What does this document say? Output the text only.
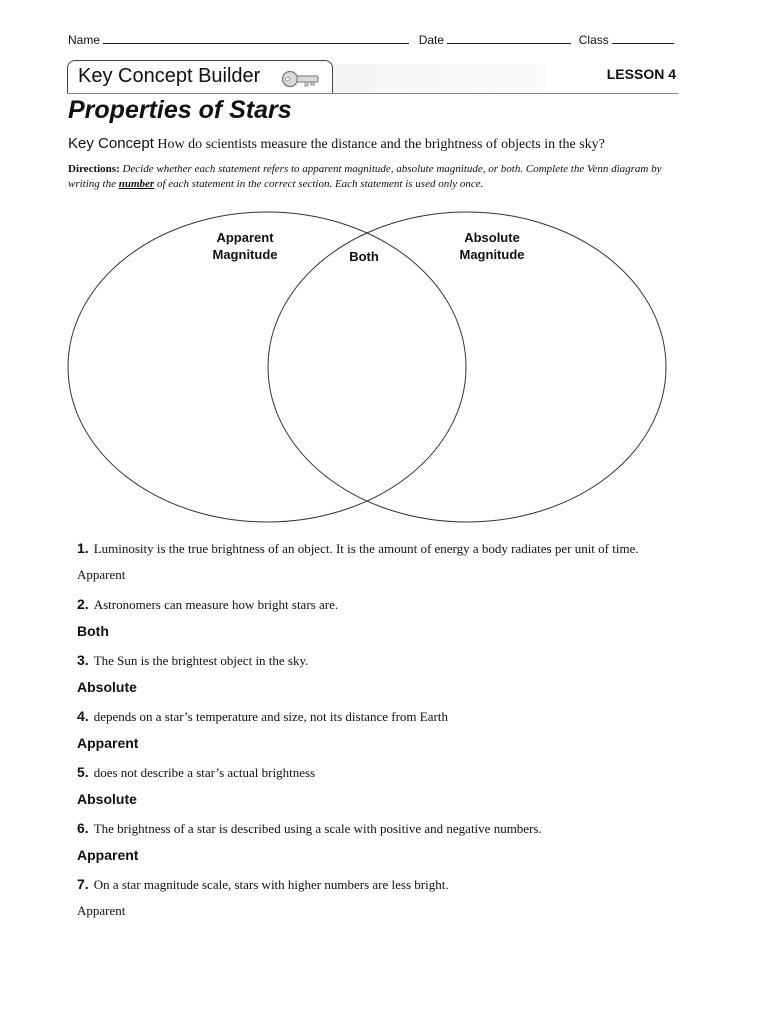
Name	Date	Class
Key Concept Builder	LESSON 4
Properties of Stars
Key Concept How do scientists measure the distance and the brightness of objects in the sky?
Directions: Decide whether each statement refers to apparent magnitude, absolute magnitude, or both. Complete the Venn diagram by writing the number of each statement in the correct section. Each statement is used only once.
Apparent
Magnitude	Both
Absolute
Magnitude
1. Luminosity is the true brightness of an object. It is the amount of energy a body radiates per unit of time.
Apparent
2. Astronomers can measure how bright stars are.
Both
3. The Sun is the brightest object in the sky.
Absolute
4. depends on a star’s temperature and size, not its distance from Earth
Apparent
5. does not describe a star’s actual brightness
Absolute
6. The brightness of a star is described using a scale with positive and negative numbers.
Apparent
7. On a star magnitude scale, stars with higher numbers are less bright.
Apparent
